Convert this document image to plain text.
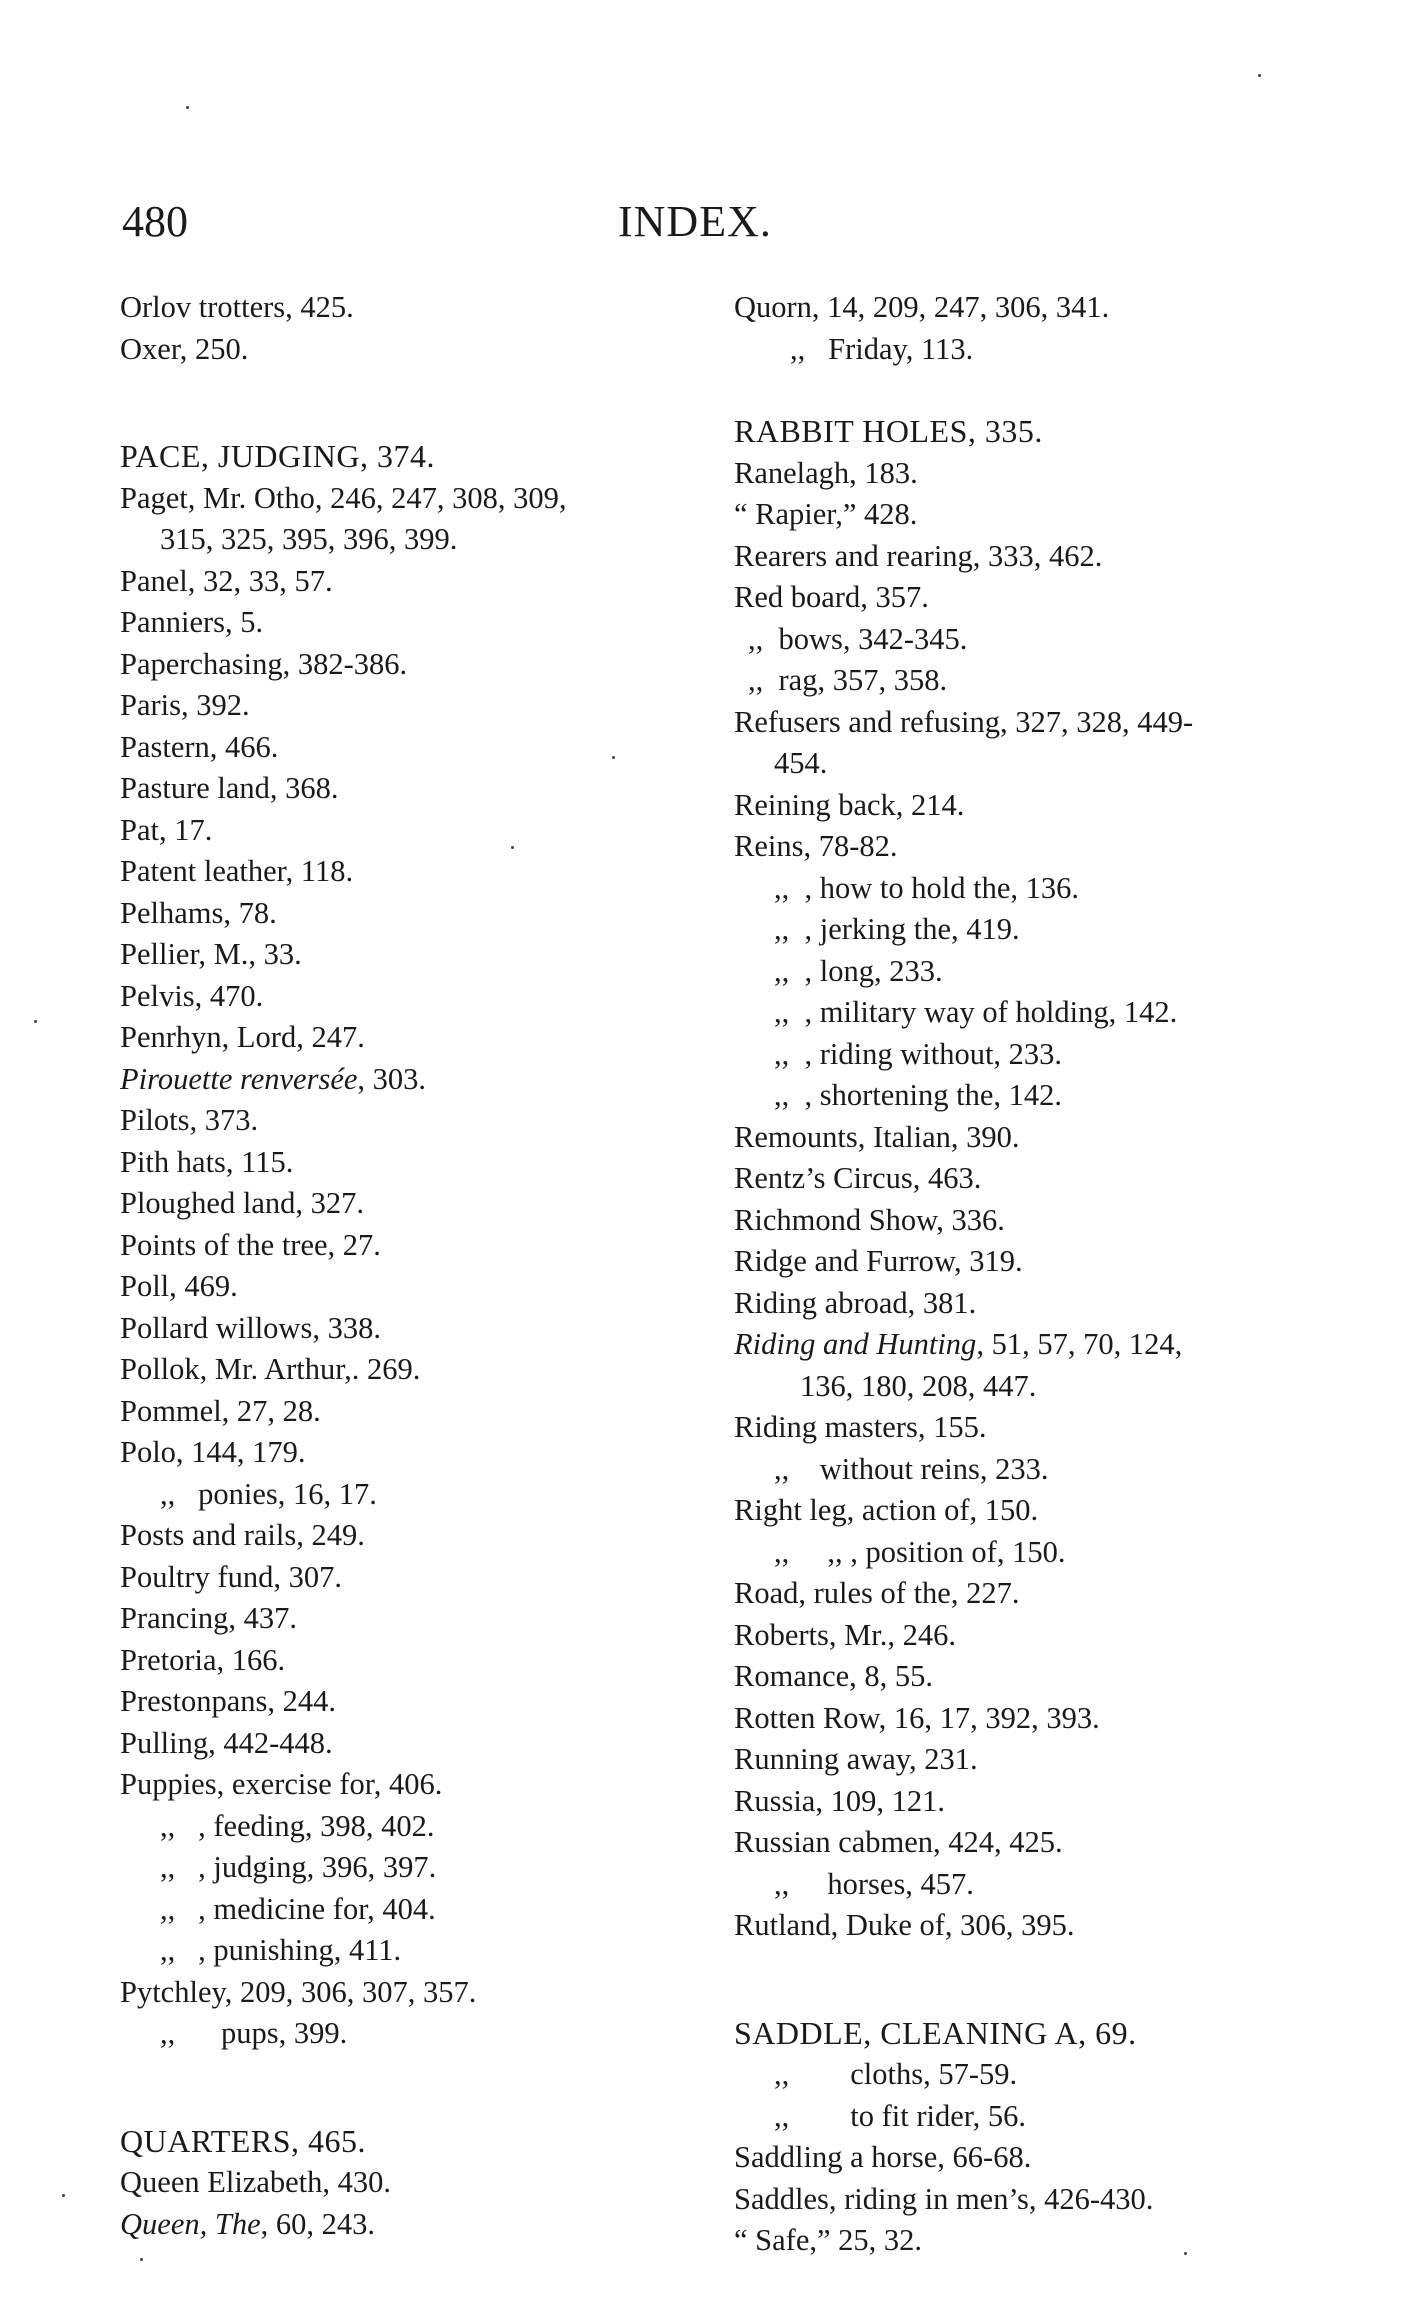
480	INDEX.
Orlov trotters, 425.
Oxer, 250.
PACE, JUDGING, 374.
Paget, Mr. Otho, 246, 247, 308, 309,
315, 325, 395, 396, 399.
Panel, 32, 33, 57.
Panniers, 5.
Paperchasing, 382-386.
Paris, 392.
Pastern, 466.
Pasture land, 368.
Pat, 17.
Patent leather, 118.
Pelhams, 78.
Pellier, M., 33.
Pelvis, 470.
Penrhyn, Lord, 247.
Pirouette renversée, 303.
Pilots, 373.
Pith hats, 115.
Ploughed land, 327.
Points of the tree, 27.
Poll, 469.
Pollard willows, 338.
Pollok, Mr. Arthur,. 269.
Pommel, 27, 28.
Polo, 144, 179.
,,   ponies, 16, 17.
Posts and rails, 249.
Poultry fund, 307.
Prancing, 437.
Pretoria, 166.
Prestonpans, 244.
Pulling, 442-448.
Puppies, exercise for, 406.
,,   , feeding, 398, 402.
,,   , judging, 396, 397.
,,   , medicine for, 404.
,,   , punishing, 411.
Pytchley, 209, 306, 307, 357.
,,      pups, 399.
QUARTERS, 465.
Queen Elizabeth, 430.
Queen, The, 60, 243.
Quorn, 14, 209, 247, 306, 341.
,,   Friday, 113.
RABBIT HOLES, 335.
Ranelagh, 183.
“ Rapier,” 428.
Rearers and rearing, 333, 462.
Red board, 357.
,,  bows, 342-345.
,,  rag, 357, 358.
Refusers and refusing, 327, 328, 449-
454.
Reining back, 214.
Reins, 78-82.
,,  , how to hold the, 136.
,,  , jerking the, 419.
,,  , long, 233.
,,  , military way of holding, 142.
,,  , riding without, 233.
,,  , shortening the, 142.
Remounts, Italian, 390.
Rentz’s Circus, 463.
Richmond Show, 336.
Ridge and Furrow, 319.
Riding abroad, 381.
Riding and Hunting, 51, 57, 70, 124,
136, 180, 208, 447.
Riding masters, 155.
,,    without reins, 233.
Right leg, action of, 150.
,,     ,, , position of, 150.
Road, rules of the, 227.
Roberts, Mr., 246.
Romance, 8, 55.
Rotten Row, 16, 17, 392, 393.
Running away, 231.
Russia, 109, 121.
Russian cabmen, 424, 425.
,,     horses, 457.
Rutland, Duke of, 306, 395.
SADDLE, CLEANING A, 69.
,,        cloths, 57-59.
,,        to fit rider, 56.
Saddling a horse, 66-68.
Saddles, riding in men’s, 426-430.
“ Safe,” 25, 32.
